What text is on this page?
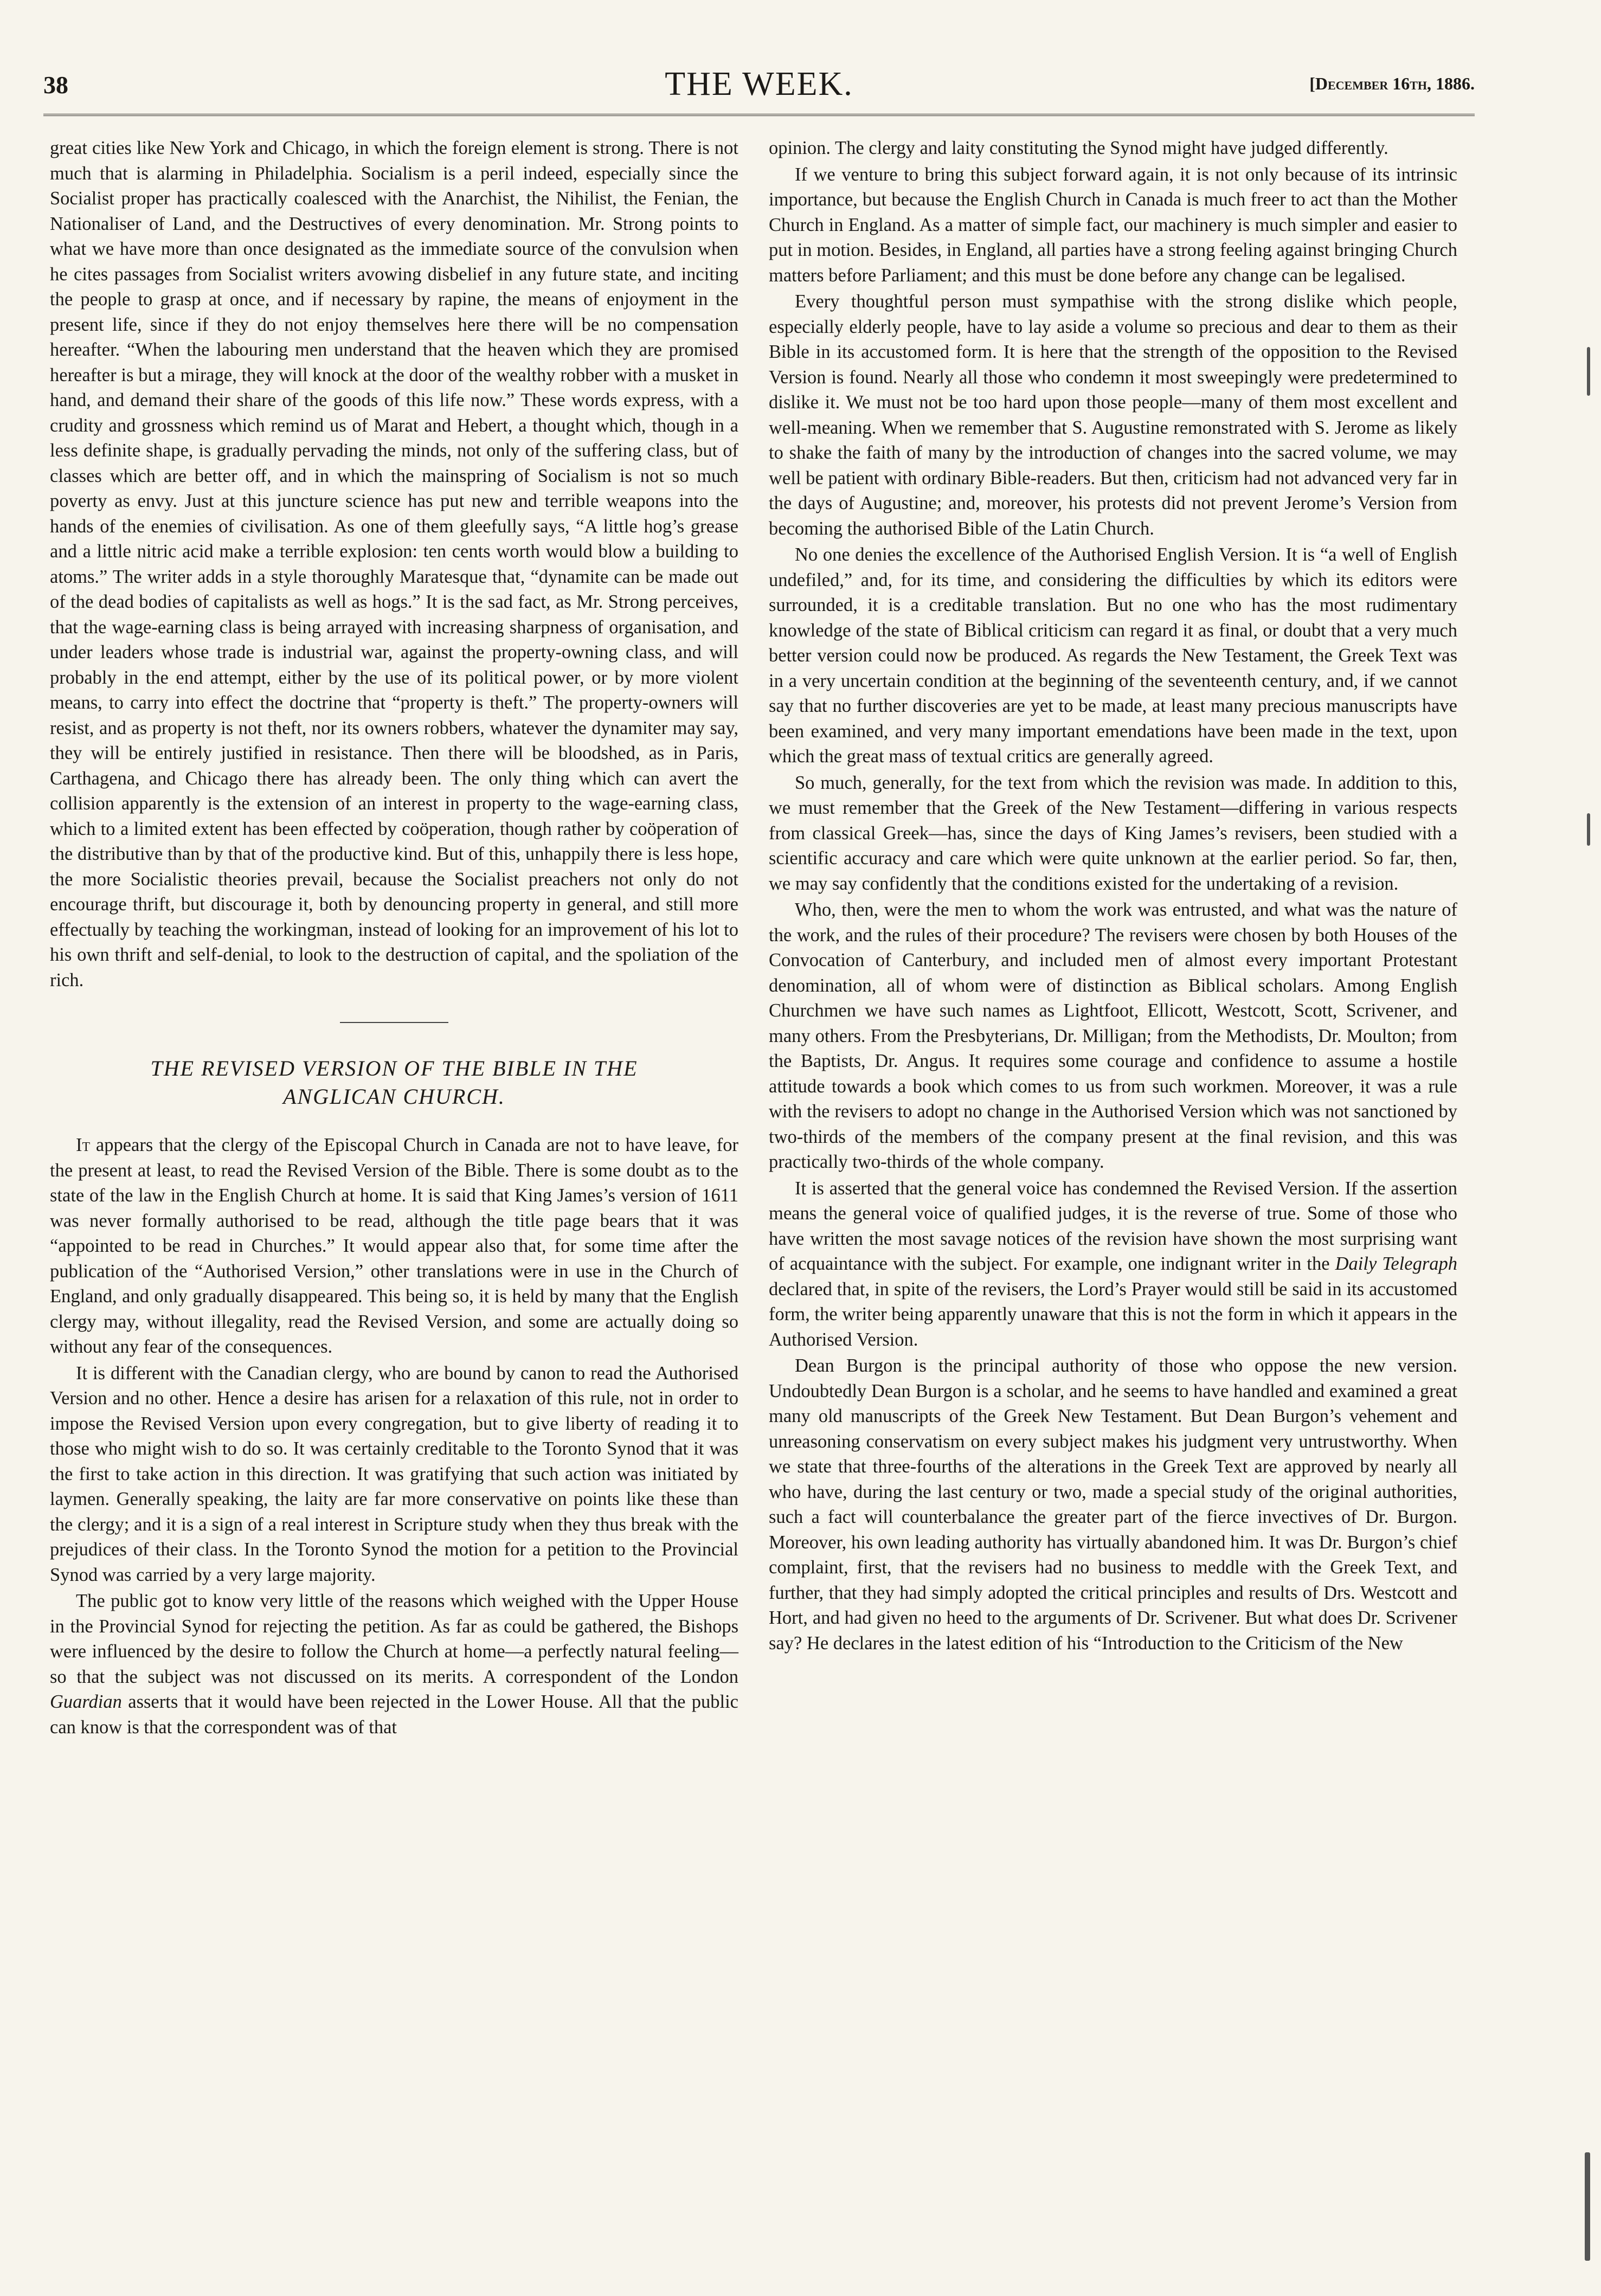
38	THE WEEK.	[December 16th, 1886.

great cities like New York and Chicago, in which the foreign element is strong. There is not much that is alarming in Philadelphia. Socialism is a peril indeed, especially since the Socialist proper has practically coalesced with the Anarchist, the Nihilist, the Fenian, the Nationaliser of Land, and the Destructives of every denomination. Mr. Strong points to what we have more than once designated as the immediate source of the convulsion when he cites passages from Socialist writers avowing disbelief in any future state, and inciting the people to grasp at once, and if necessary by rapine, the means of enjoyment in the present life, since if they do not enjoy themselves here there will be no compensation hereafter. “When the labouring men understand that the heaven which they are promised hereafter is but a mirage, they will knock at the door of the wealthy robber with a musket in hand, and demand their share of the goods of this life now.” These words express, with a crudity and grossness which remind us of Marat and Hebert, a thought which, though in a less definite shape, is gradually pervading the minds, not only of the suffering class, but of classes which are better off, and in which the mainspring of Socialism is not so much poverty as envy. Just at this juncture science has put new and terrible weapons into the hands of the enemies of civilisation. As one of them gleefully says, “A little hog’s grease and a little nitric acid make a terrible explosion: ten cents worth would blow a building to atoms.” The writer adds in a style thoroughly Maratesque that, “dynamite can be made out of the dead bodies of capitalists as well as hogs.” It is the sad fact, as Mr. Strong perceives, that the wage-earning class is being arrayed with increasing sharpness of organisation, and under leaders whose trade is industrial war, against the property-owning class, and will probably in the end attempt, either by the use of its political power, or by more violent means, to carry into effect the doctrine that “property is theft.” The property-owners will resist, and as property is not theft, nor its owners robbers, whatever the dynamiter may say, they will be entirely justified in resistance. Then there will be bloodshed, as in Paris, Carthagena, and Chicago there has already been. The only thing which can avert the collision apparently is the extension of an interest in property to the wage-earning class, which to a limited extent has been effected by coöperation, though rather by coöperation of the distributive than by that of the productive kind. But of this, unhappily there is less hope, the more Socialistic theories prevail, because the Socialist preachers not only do not encourage thrift, but discourage it, both by denouncing property in general, and still more effectually by teaching the workingman, instead of looking for an improvement of his lot to his own thrift and self-denial, to look to the destruction of capital, and the spoliation of the rich.

THE REVISED VERSION OF THE BIBLE IN THE
ANGLICAN CHURCH.

It appears that the clergy of the Episcopal Church in Canada are not to have leave, for the present at least, to read the Revised Version of the Bible. There is some doubt as to the state of the law in the English Church at home. It is said that King James’s version of 1611 was never formally authorised to be read, although the title page bears that it was “appointed to be read in Churches.” It would appear also that, for some time after the publication of the “Authorised Version,” other translations were in use in the Church of England, and only gradually disappeared. This being so, it is held by many that the English clergy may, without illegality, read the Revised Version, and some are actually doing so without any fear of the consequences.

It is different with the Canadian clergy, who are bound by canon to read the Authorised Version and no other. Hence a desire has arisen for a relaxation of this rule, not in order to impose the Revised Version upon every congregation, but to give liberty of reading it to those who might wish to do so. It was certainly creditable to the Toronto Synod that it was the first to take action in this direction. It was gratifying that such action was initiated by laymen. Generally speaking, the laity are far more conservative on points like these than the clergy; and it is a sign of a real interest in Scripture study when they thus break with the prejudices of their class. In the Toronto Synod the motion for a petition to the Provincial Synod was carried by a very large majority.

The public got to know very little of the reasons which weighed with the Upper House in the Provincial Synod for rejecting the petition. As far as could be gathered, the Bishops were influenced by the desire to follow the Church at home—a perfectly natural feeling—so that the subject was not discussed on its merits. A correspondent of the London Guardian asserts that it would have been rejected in the Lower House. All that the public can know is that the correspondent was of that

opinion. The clergy and laity constituting the Synod might have judged differently.

If we venture to bring this subject forward again, it is not only because of its intrinsic importance, but because the English Church in Canada is much freer to act than the Mother Church in England. As a matter of simple fact, our machinery is much simpler and easier to put in motion. Besides, in England, all parties have a strong feeling against bringing Church matters before Parliament; and this must be done before any change can be legalised.

Every thoughtful person must sympathise with the strong dislike which people, especially elderly people, have to lay aside a volume so precious and dear to them as their Bible in its accustomed form. It is here that the strength of the opposition to the Revised Version is found. Nearly all those who condemn it most sweepingly were predetermined to dislike it. We must not be too hard upon those people—many of them most excellent and well-meaning. When we remember that S. Augustine remonstrated with S. Jerome as likely to shake the faith of many by the introduction of changes into the sacred volume, we may well be patient with ordinary Bible-readers. But then, criticism had not advanced very far in the days of Augustine; and, moreover, his protests did not prevent Jerome’s Version from becoming the authorised Bible of the Latin Church.

No one denies the excellence of the Authorised English Version. It is “a well of English undefiled,” and, for its time, and considering the difficulties by which its editors were surrounded, it is a creditable translation. But no one who has the most rudimentary knowledge of the state of Biblical criticism can regard it as final, or doubt that a very much better version could now be produced. As regards the New Testament, the Greek Text was in a very uncertain condition at the beginning of the seventeenth century, and, if we cannot say that no further discoveries are yet to be made, at least many precious manuscripts have been examined, and very many important emendations have been made in the text, upon which the great mass of textual critics are generally agreed.

So much, generally, for the text from which the revision was made. In addition to this, we must remember that the Greek of the New Testament—differing in various respects from classical Greek—has, since the days of King James’s revisers, been studied with a scientific accuracy and care which were quite unknown at the earlier period. So far, then, we may say confidently that the conditions existed for the undertaking of a revision.

Who, then, were the men to whom the work was entrusted, and what was the nature of the work, and the rules of their procedure? The revisers were chosen by both Houses of the Convocation of Canterbury, and included men of almost every important Protestant denomination, all of whom were of distinction as Biblical scholars. Among English Churchmen we have such names as Lightfoot, Ellicott, Westcott, Scott, Scrivener, and many others. From the Presbyterians, Dr. Milligan; from the Methodists, Dr. Moulton; from the Baptists, Dr. Angus. It requires some courage and confidence to assume a hostile attitude towards a book which comes to us from such workmen. Moreover, it was a rule with the revisers to adopt no change in the Authorised Version which was not sanctioned by two-thirds of the members of the company present at the final revision, and this was practically two-thirds of the whole company.

It is asserted that the general voice has condemned the Revised Version. If the assertion means the general voice of qualified judges, it is the reverse of true. Some of those who have written the most savage notices of the revision have shown the most surprising want of acquaintance with the subject. For example, one indignant writer in the Daily Telegraph declared that, in spite of the revisers, the Lord’s Prayer would still be said in its accustomed form, the writer being apparently unaware that this is not the form in which it appears in the Authorised Version.

Dean Burgon is the principal authority of those who oppose the new version. Undoubtedly Dean Burgon is a scholar, and he seems to have handled and examined a great many old manuscripts of the Greek New Testament. But Dean Burgon’s vehement and unreasoning conservatism on every subject makes his judgment very untrustworthy. When we state that three-fourths of the alterations in the Greek Text are approved by nearly all who have, during the last century or two, made a special study of the original authorities, such a fact will counterbalance the greater part of the fierce invectives of Dr. Burgon. Moreover, his own leading authority has virtually abandoned him. It was Dr. Burgon’s chief complaint, first, that the revisers had no business to meddle with the Greek Text, and further, that they had simply adopted the critical principles and results of Drs. Westcott and Hort, and had given no heed to the arguments of Dr. Scrivener. But what does Dr. Scrivener say? He declares in the latest edition of his “Introduction to the Criticism of the New
